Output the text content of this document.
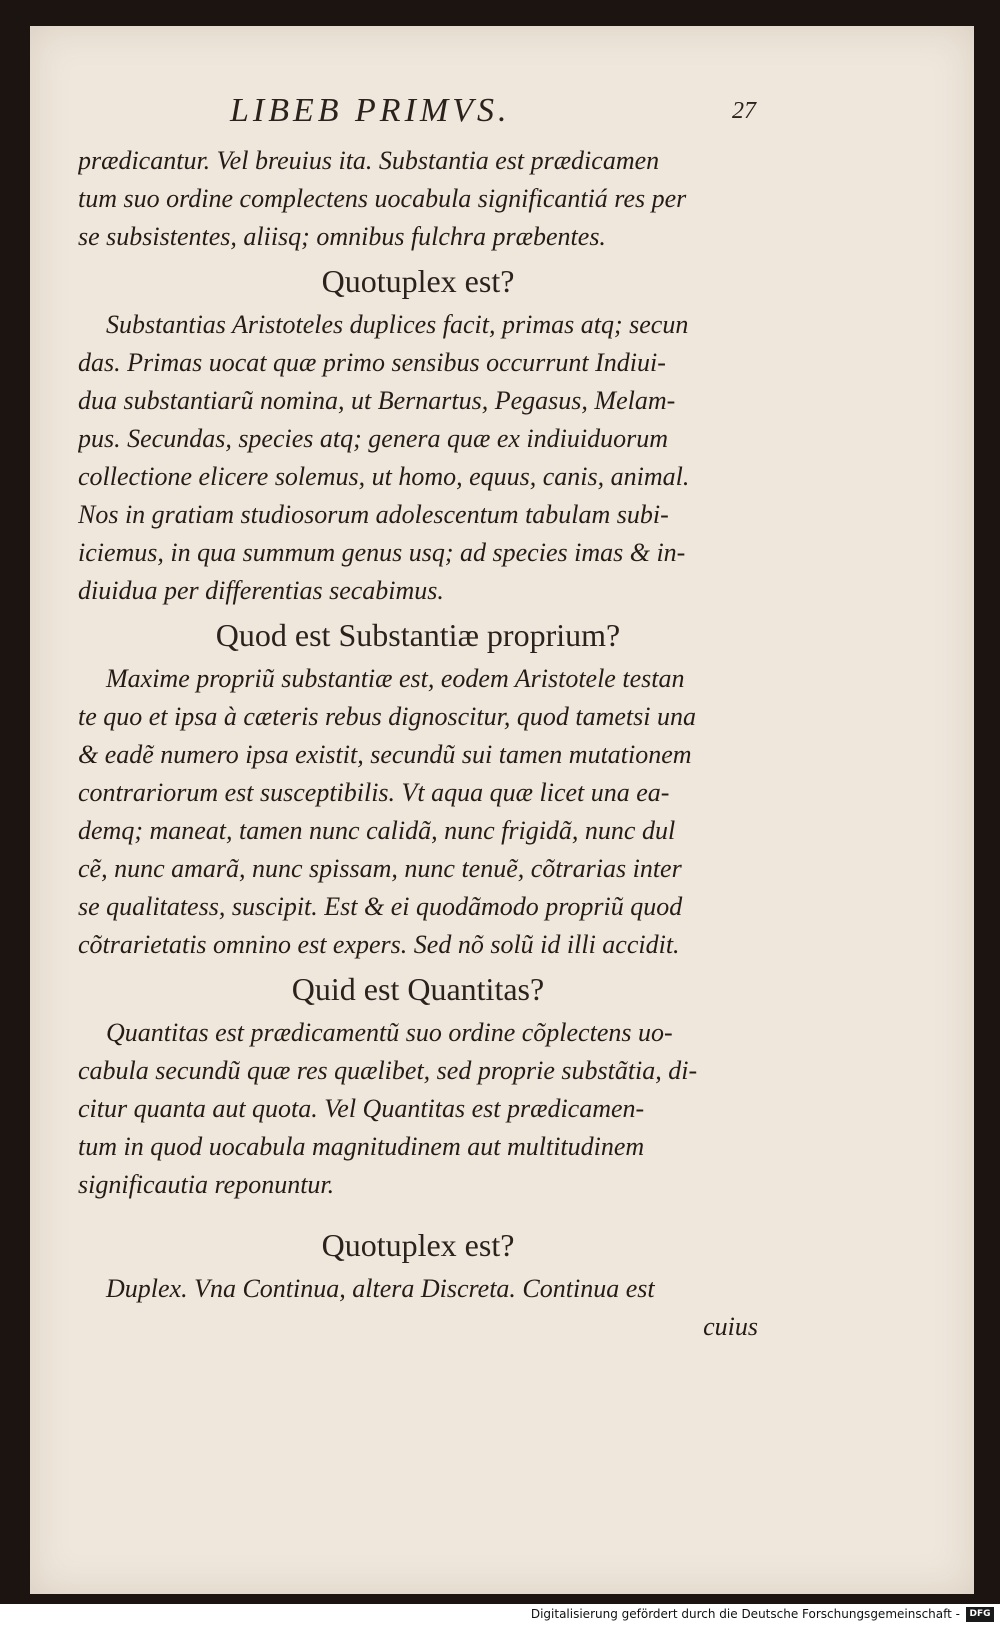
LIBEB PRIMVS.	27
prædicantur. Vel breuius ita. Substantia est prædicamen
tum suo ordine complectens uocabula significantiá res per
se subsistentes, aliisq; omnibus fulchra præbentes.
Quotuplex est?
Substantias Aristoteles duplices facit, primas atq; secun
das. Primas uocat quæ primo sensibus occurrunt Indiui-
dua substantiarũ nomina, ut Bernartus, Pegasus, Melam-
pus. Secundas, species atq; genera quæ ex indiuiduorum
collectione elicere solemus, ut homo, equus, canis, animal.
Nos in gratiam studiosorum adolescentum tabulam subi-
iciemus, in qua summum genus usq; ad species imas & in-
diuidua per differentias secabimus.
Quod est Substantiæ proprium?
Maxime propriũ substantiæ est, eodem Aristotele testan
te quo et ipsa à cæteris rebus dignoscitur, quod tametsi una
& eadẽ numero ipsa existit, secundũ sui tamen mutationem
contrariorum est susceptibilis. Vt aqua quæ licet una ea-
demq; maneat, tamen nunc calidã, nunc frigidã, nunc dul
cẽ, nunc amarã, nunc spissam, nunc tenuẽ, cõtrarias inter
se qualitatess, suscipit. Est & ei quodãmodo propriũ quod
cõtrarietatis omnino est expers. Sed nõ solũ id illi accidit.
Quid est Quantitas?
Quantitas est prædicamentũ suo ordine cõplectens uo-
cabula secundũ quæ res quælibet, sed proprie substãtia, di-
citur quanta aut quota. Vel Quantitas est prædicamen-
tum in quod uocabula magnitudinem aut multitudinem
significautia reponuntur.
Quotuplex est?
Duplex. Vna Continua, altera Discreta. Continua est
cuius
Digitalisierung gefördert durch die Deutsche Forschungsgemeinschaft -	DFG
